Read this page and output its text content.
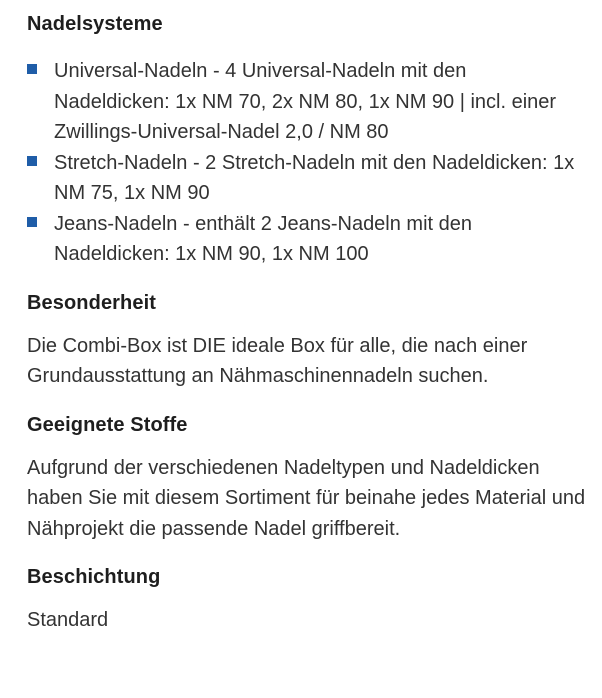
Nadelsysteme
Universal-Nadeln - 4 Universal-Nadeln mit den Nadeldicken: 1x NM 70, 2x NM 80, 1x NM 90 | incl. einer Zwillings-Universal-Nadel 2,0 / NM 80
Stretch-Nadeln - 2 Stretch-Nadeln mit den Nadeldicken: 1x NM 75, 1x NM 90
Jeans-Nadeln - enthält 2 Jeans-Nadeln mit den Nadeldicken: 1x NM 90, 1x NM 100
Besonderheit

Die Combi-Box ist DIE ideale Box für alle, die nach einer Grundausstattung an Nähmaschinennadeln suchen.

Geeignete Stoffe

Aufgrund der verschiedenen Nadeltypen und Nadeldicken haben Sie mit diesem Sortiment für beinahe jedes Material und Nähprojekt die passende Nadel griffbereit.

Beschichtung

Standard
